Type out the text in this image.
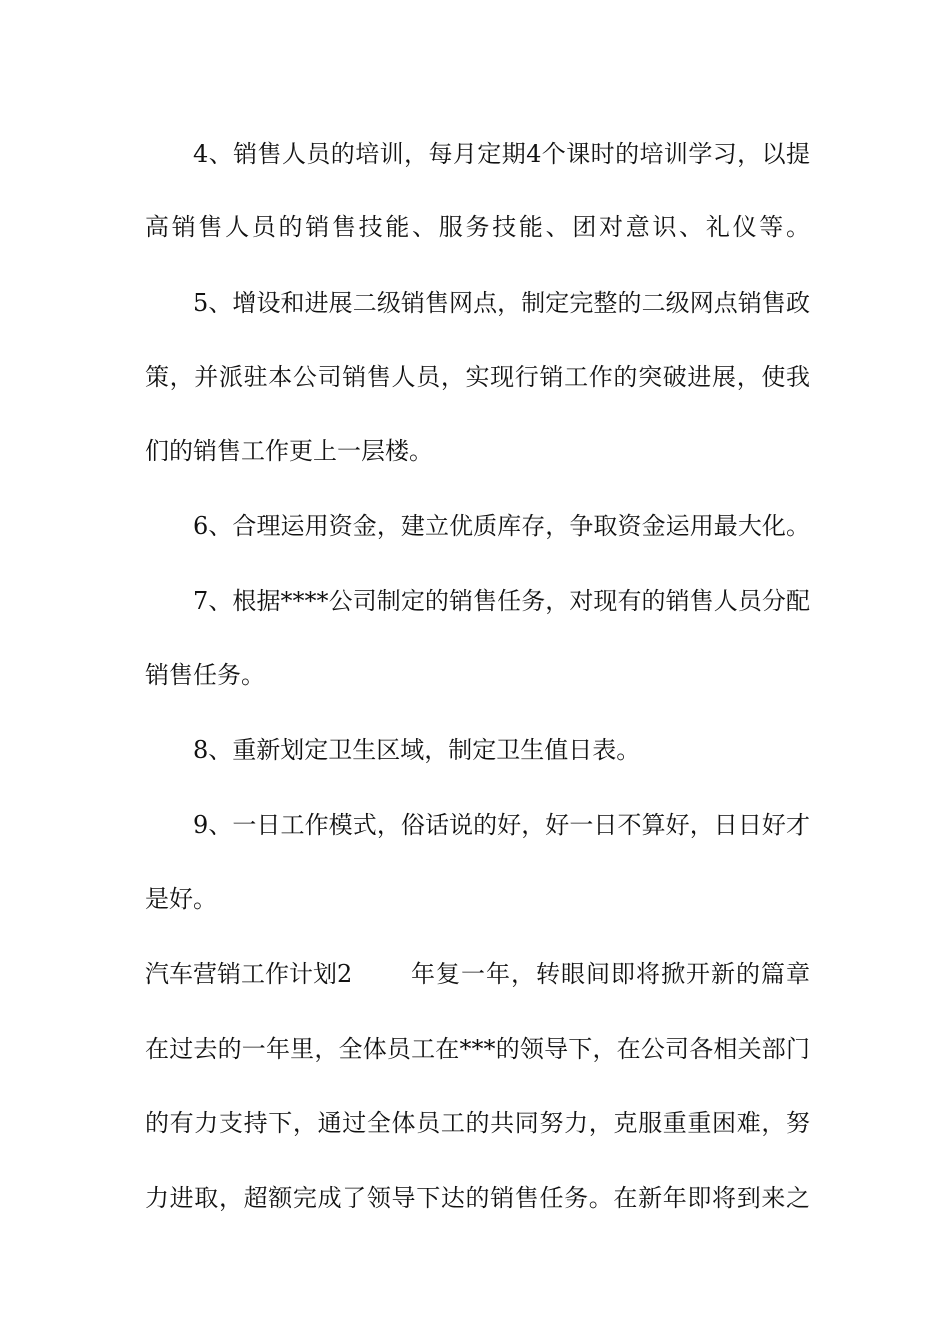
4、销售人员的培训，每月定期4个课时的培训学习，以提
高销售人员的销售技能、服务技能、团对意识、礼仪等。
5、增设和进展二级销售网点，制定完整的二级网点销售政
策，并派驻本公司销售人员，实现行销工作的突破进展，使我
们的销售工作更上一层楼。
6、合理运用资金，建立优质库存，争取资金运用最大化。
7、根据****公司制定的销售任务，对现有的销售人员分配
销售任务。
8、重新划定卫生区域，制定卫生值日表。
9、一日工作模式，俗话说的好，好一日不算好，日日好才
是好。
汽车营销工作计划2 年复一年，转眼间即将掀开新的篇章
在过去的一年里，全体员工在***的领导下，在公司各相关部门
的有力支持下，通过全体员工的共同努力，克服重重困难，努
力进取，超额完成了领导下达的销售任务。在新年即将到来之
